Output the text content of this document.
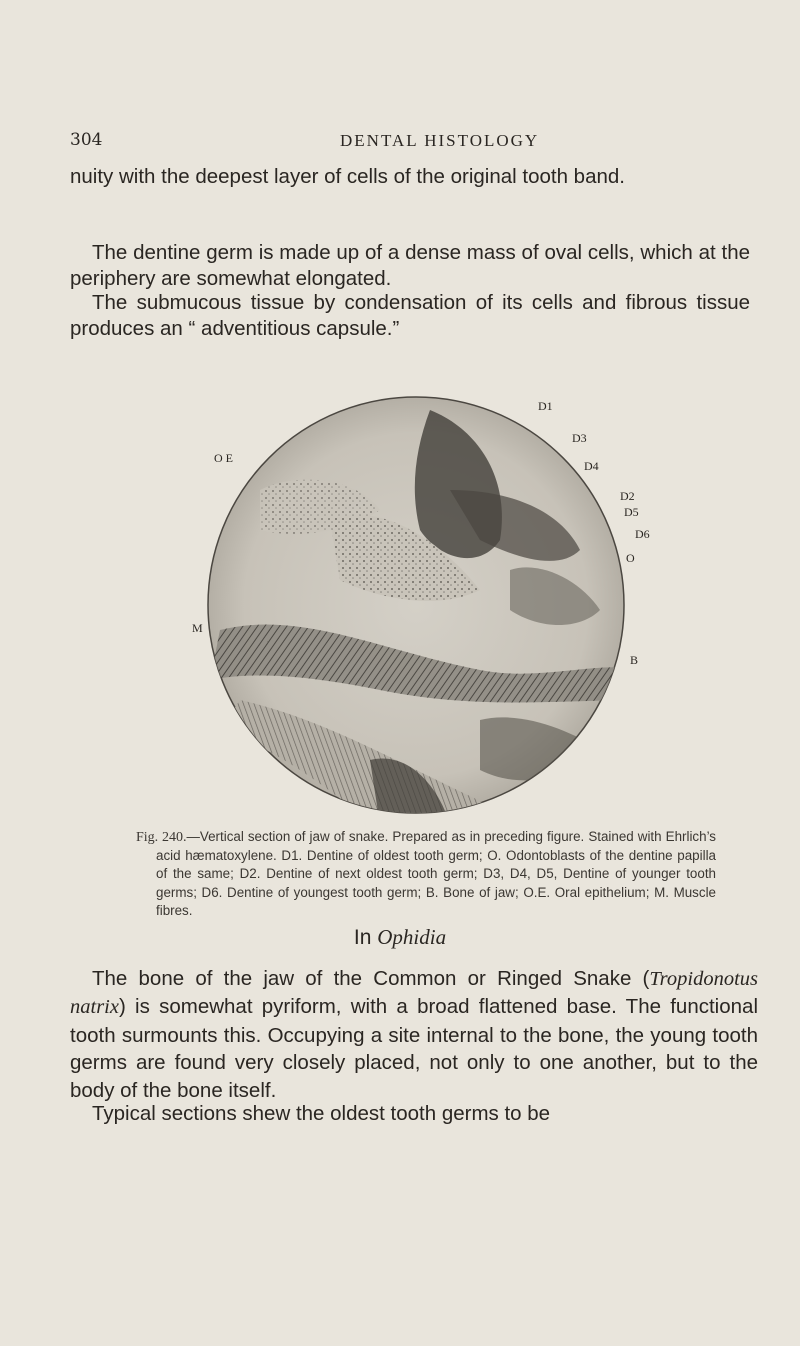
304	DENTAL HISTOLOGY

nuity with the deepest layer of cells of the original tooth band.

The dentine germ is made up of a dense mass of oval cells, which at the periphery are somewhat elongated.

The submucous tissue by condensation of its cells and fibrous tissue produces an “ adventitious capsule.”

O E
D1
D3
D4
D2
D5
D6
O
M
B

Fig. 240.—Vertical section of jaw of snake. Prepared as in preceding figure. Stained with Ehrlich’s acid hæmatoxylene. D1. Dentine of oldest tooth germ; O. Odontoblasts of the dentine papilla of the same; D2. Dentine of next oldest tooth germ; D3, D4, D5, Dentine of younger tooth germs; D6. Dentine of youngest tooth germ; B. Bone of jaw; O.E. Oral epithelium; M. Muscle fibres.

In Ophidia

The bone of the jaw of the Common or Ringed Snake (Tropidonotus natrix) is somewhat pyriform, with a broad flattened base. The functional tooth surmounts this. Occupying a site internal to the bone, the young tooth germs are found very closely placed, not only to one another, but to the body of the bone itself.

Typical sections shew the oldest tooth germs to be
